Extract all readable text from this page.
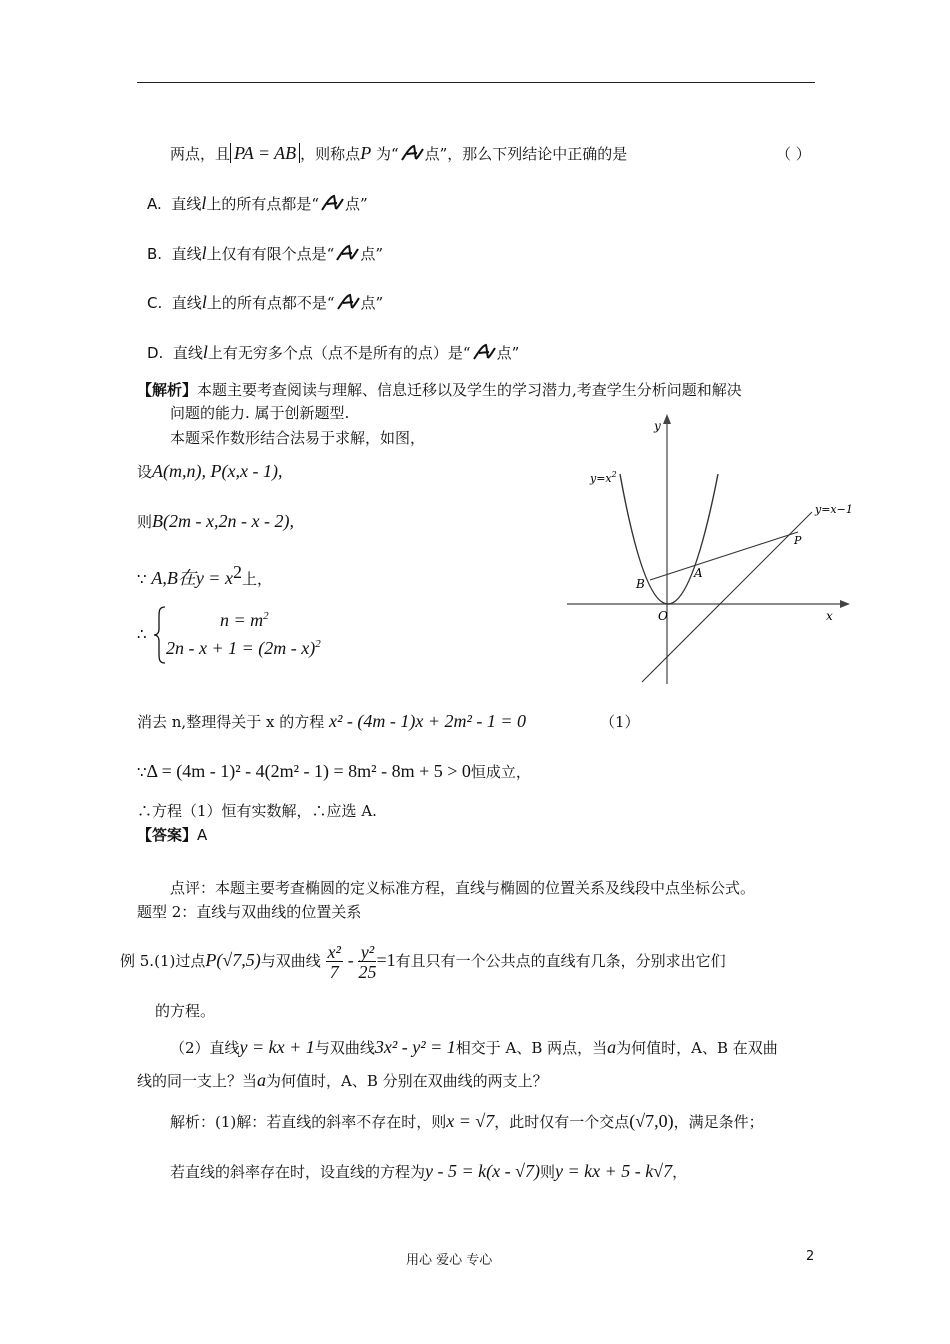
两点，且 PA = AB ，则称点P 为“ 点”，那么下列结论中正确的是	（ ）
A. 直线l上的所有点都是“ 点”
B. 直线l上仅有有限个点是“ 点”
C. 直线l上的所有点都不是“ 点”
D. 直线l上有无穷多个点（点不是所有的点）是“ 点”
【解析】本题主要考查阅读与理解、信息迁移以及学生的学习潜力,考查学生分析问题和解决
问题的能力. 属于创新题型.
本题采作数形结合法易于求解，如图，
设A(m,n), P(x,x - 1),
则B(2m - x,2n - x - 2),
∵ A,B在$y = x^2$上，
∴
$n = m^2$
2n - x + 1 = (2m - x)$^2$
O
y
x
$y=x^2$
y=x−1
P
A
B
消去 n,整理得关于 x 的方程 x² - (4m - 1)x + 2m² - 1 = 0	（1）
∵Δ = (4m - 1)² - 4(2m² - 1) = 8m² - 8m + 5 > 0恒成立，
∴方程（1）恒有实数解，∴应选 A.
【答案】A
点评：本题主要考查椭圆的定义标准方程，直线与椭圆的位置关系及线段中点坐标公式。
题型 2：直线与双曲线的位置关系
例 5.(1)过点P(√7,5)与双曲线 $\frac{\text{x²}}{7} - \frac{\text{y²}}{25} =1$有且只有一个公共点的直线有几条，分别求出它们
的方程。
（2）直线y = kx + 1与双曲线3x² - y² = 1相交于 A、B 两点，当a为何值时，A、B 在双曲
线的同一支上？当a为何值时，A、B 分别在双曲线的两支上？
解析：(1)解：若直线的斜率不存在时，则x = √7，此时仅有一个交点(√7,0)，满足条件；
若直线的斜率存在时，设直线的方程为y - 5 = k(x - √7)则y = kx + 5 - k√7，
用心 爱心 专心	2
